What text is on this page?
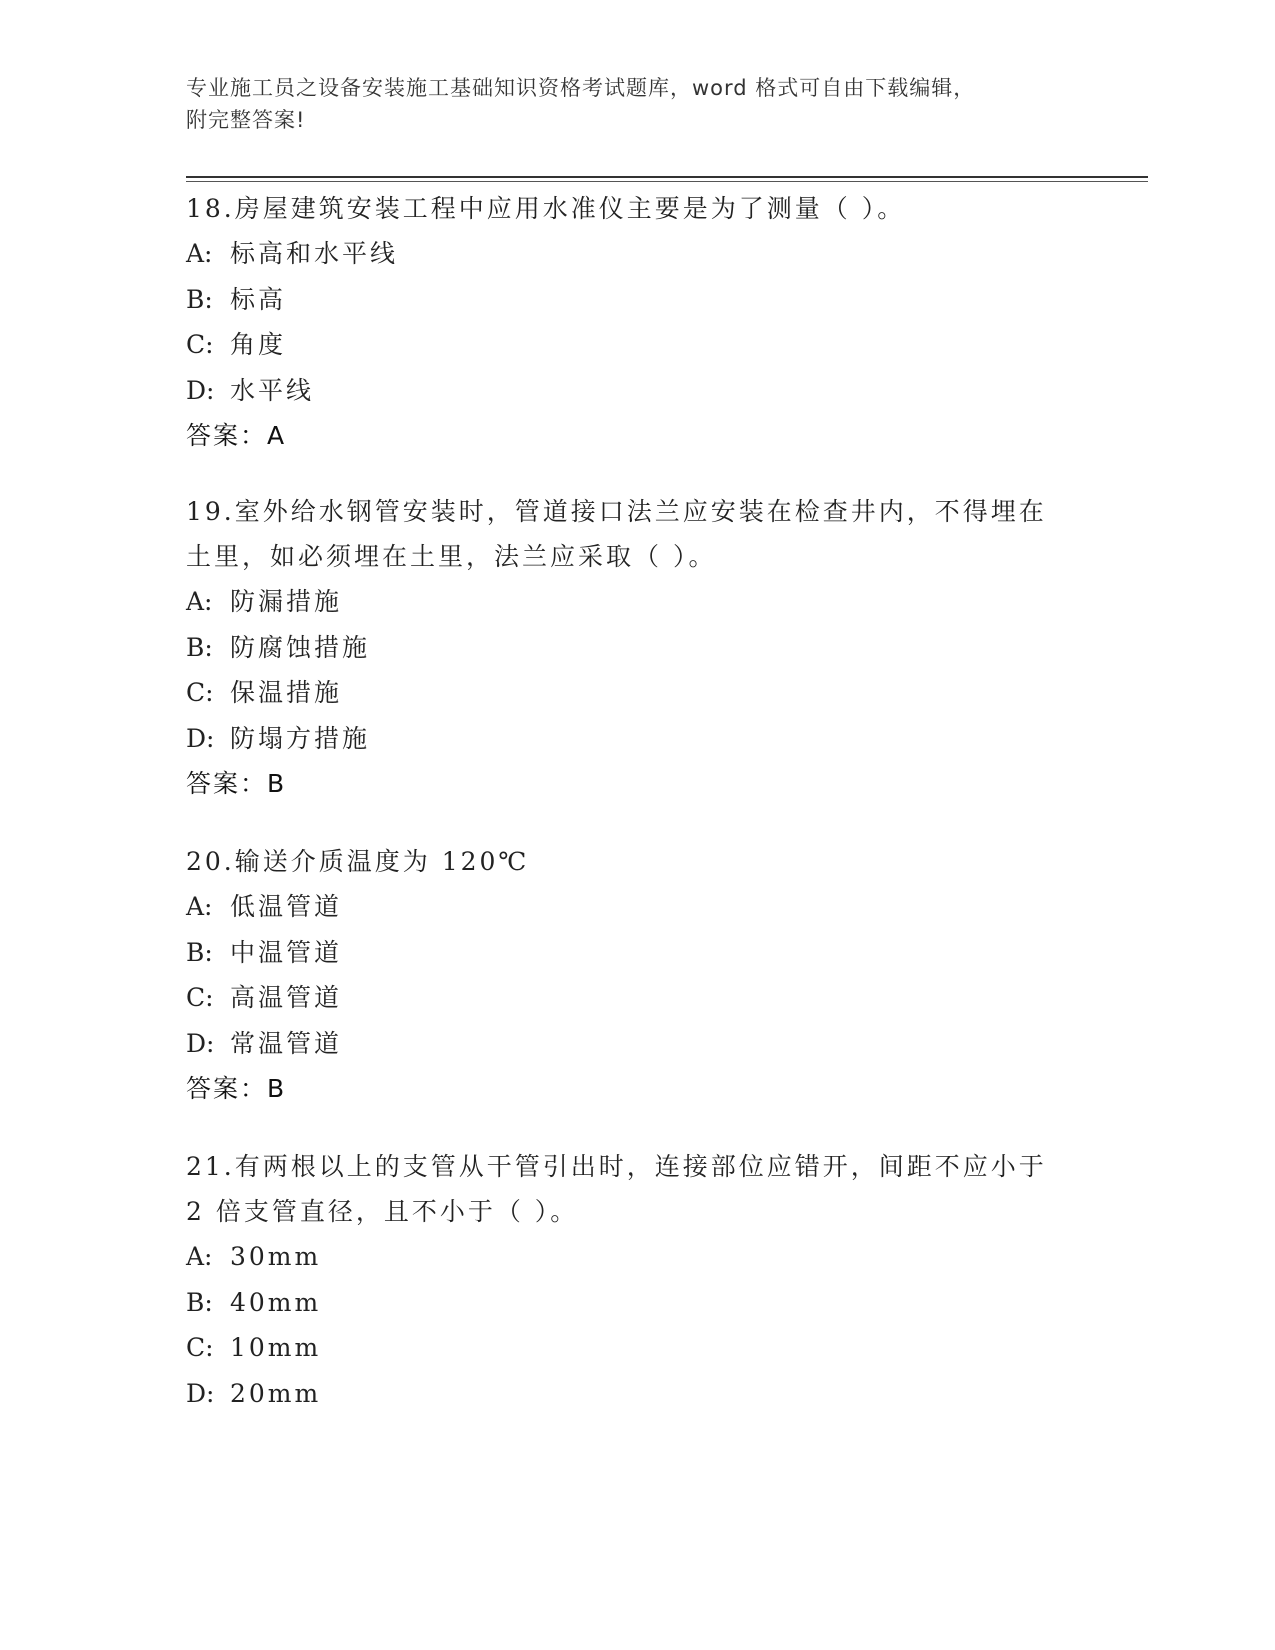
专业施工员之设备安装施工基础知识资格考试题库，word 格式可自由下载编辑，
附完整答案!

18.房屋建筑安装工程中应用水准仪主要是为了测量（ ）。

A: 标高和水平线

B: 标高

C: 角度

D: 水平线

答案：A

19.室外给水钢管安装时，管道接口法兰应安装在检查井内，不得埋在

土里，如必须埋在土里，法兰应采取（ ）。

A: 防漏措施

B: 防腐蚀措施

C: 保温措施

D: 防塌方措施

答案：B

20.输送介质温度为 120℃

A: 低温管道

B: 中温管道

C: 高温管道

D: 常温管道

答案：B

21.有两根以上的支管从干管引出时，连接部位应错开，间距不应小于

2 倍支管直径，且不小于（ ）。

A: 30mm

B: 40mm

C: 10mm

D: 20mm
